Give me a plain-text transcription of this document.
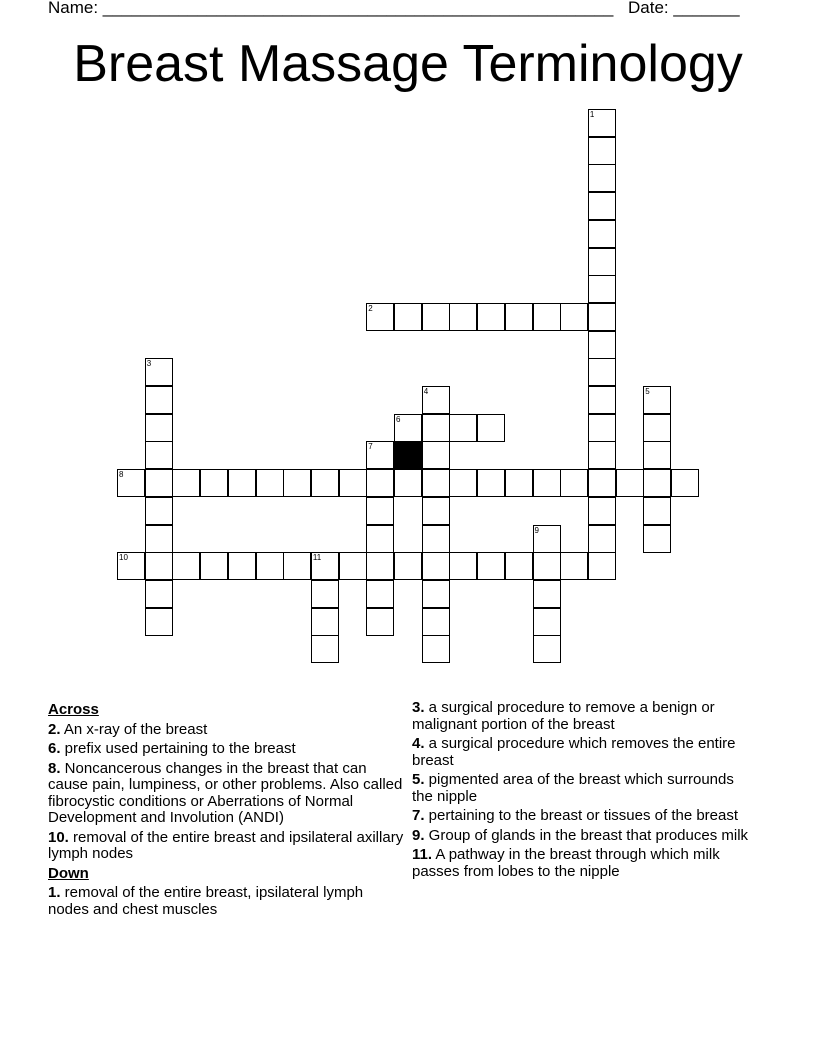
Name: ______________________________________________________ Date: _______
Breast Massage Terminology
1
2
3
4	5
6
7
8
9
10	11
Across
2. An x-ray of the breast
6. prefix used pertaining to the breast
8. Noncancerous changes in the breast that can cause pain, lumpiness, or other problems. Also called fibrocystic conditions or Aberrations of Normal Development and Involution (ANDI)
10. removal of the entire breast and ipsilateral axillary lymph nodes
Down
1. removal of the entire breast, ipsilateral lymph nodes and chest muscles
3. a surgical procedure to remove a benign or malignant portion of the breast
4. a surgical procedure which removes the entire breast
5. pigmented area of the breast which surrounds the nipple
7. pertaining to the breast or tissues of the breast
9. Group of glands in the breast that produces milk
11. A pathway in the breast through which milk passes from lobes to the nipple
